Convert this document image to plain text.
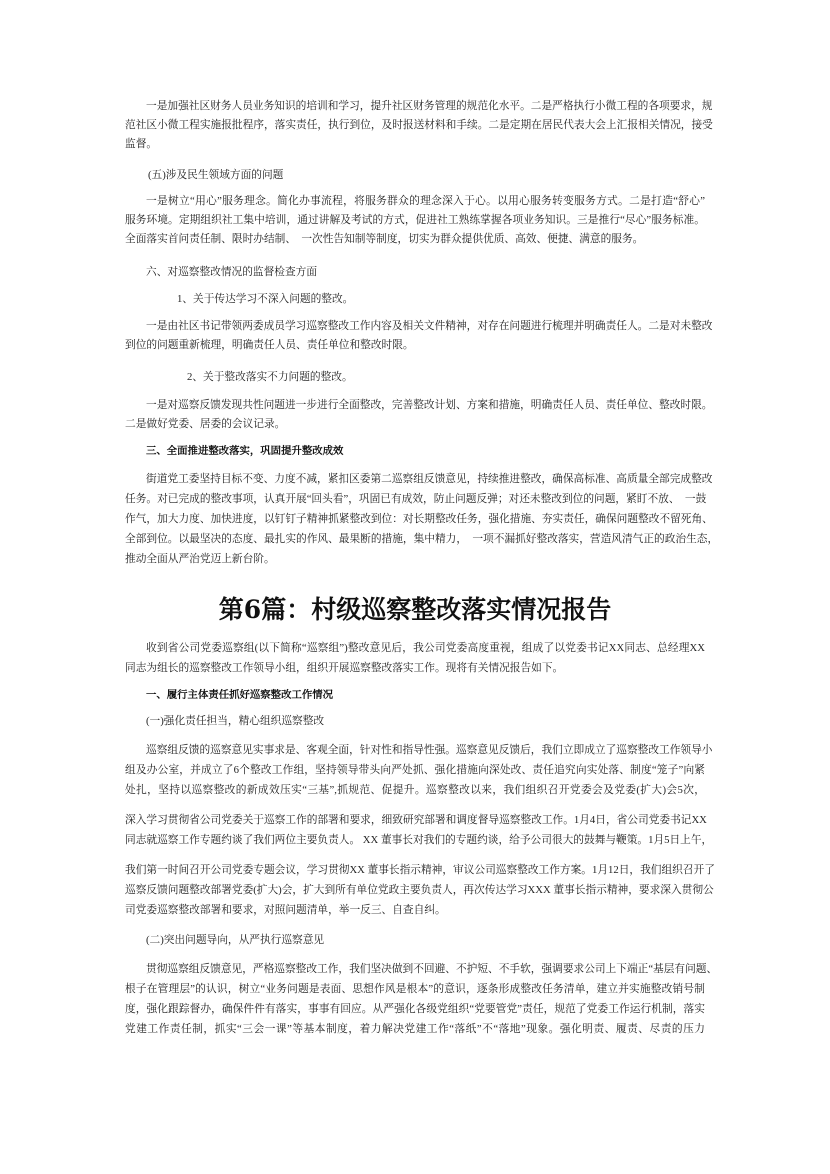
一是加强社区财务人员业务知识的培训和学习，提升社区财务管理的规范化水平。二是严格执行小微工程的各项要求，规
范社区小微工程实施报批程序，落实责任，执行到位，及时报送材料和手续。二是定期在居民代表大会上汇报相关情况，接受
监督。
(五)涉及民生领域方面的问题
一是树立“用心”服务理念。简化办事流程，将服务群众的理念深入于心。以用心服务转变服务方式。二是打造“舒心”
服务环境。定期组织社工集中培训，通过讲解及考试的方式，促进社工熟练掌握各项业务知识。三是推行“尽心”服务标准。
全面落实首问责任制、限时办结制、  一次性告知制等制度，切实为群众提供优质、高效、便捷、满意的服务。
六、对巡察整改情况的监督检查方面
1、关于传达学习不深入问题的整改。
一是由社区书记带领两委成员学习巡察整改工作内容及相关文件精神，对存在问题进行梳理并明确责任人。二是对未整改
到位的问题重新梳理，明确责任人员、责任单位和整改时限。
2、关于整改落实不力问题的整改。
一是对巡察反馈发现共性问题进一步进行全面整改，完善整改计划、方案和措施，明确责任人员、责任单位、整改时限。
二是做好党委、居委的会议记录。
三、全面推进整改落实，巩固提升整改成效
街道党工委坚持目标不变、力度不减，紧扣区委第二巡察组反馈意见，持续推进整改，确保高标准、高质量全部完成整改
任务。对已完成的整改事项，认真开展“回头看”，巩固已有成效，防止问题反弹；对还未整改到位的问题，紧盯不放、  一鼓
作气，加大力度、加快进度，以钉钉子精神抓紧整改到位：对长期整改任务，强化措施、夯实责任，确保问题整改不留死角、
全部到位。以最坚决的态度、最扎实的作风、最果断的措施，集中精力，  一项不漏抓好整改落实，营造风清气正的政治生态，
推动全面从严治党迈上新台阶。
第6篇：村级巡察整改落实情况报告
收到省公司党委巡察组(以下简称“巡察组”)整改意见后，我公司党委高度重视，组成了以党委书记XX同志、总经理XX
同志为组长的巡察整改工作领导小组，组织开展巡察整改落实工作。现将有关情况报告如下。
一、履行主体责任抓好巡察整改工作情况
(一)强化责任担当，精心组织巡察整改
巡察组反馈的巡察意见实事求是、客观全面，针对性和指导性强。巡察意见反馈后，我们立即成立了巡察整改工作领导小
组及办公室，并成立了6个整改工作组，坚持领导带头向严处抓、强化措施向深处改、责任追究向实处落、制度“笼子”向紧
处扎，坚持以巡察整改的新成效压实“三基”,抓规范、促提升。巡察整改以来，我们组织召开党委会及党委(扩大)会5次，
深入学习贯彻省公司党委关于巡察工作的部署和要求，细致研究部署和调度督导巡察整改工作。1月4日，省公司党委书记XX
同志就巡察工作专题约谈了我们两位主要负责人。 XX 董事长对我们的专题约谈，给予公司很大的鼓舞与鞭策。1月5日上午，
我们第一时间召开公司党委专题会议，学习贯彻XX 董事长指示精神，审议公司巡察整改工作方案。1月12日，我们组织召开了
巡察反馈问题整改部署党委(扩大)会，扩大到所有单位党政主要负责人，再次传达学习XXX 董事长指示精神，要求深入贯彻公
司党委巡察整改部署和要求，对照问题清单，举一反三、自查自纠。
(二)突出问题导向，从严执行巡察意见
贯彻巡察组反馈意见，严格巡察整改工作，我们坚决做到不回避、不护短、不手软，强调要求公司上下端正“基层有问题、
根子在管理层”的认识，树立“业务问题是表面、思想作风是根本”的意识，逐条形成整改任务清单，建立并实施整改销号制
度，强化跟踪督办，确保件件有落实，事事有回应。从严强化各级党组织“党要管党”责任，规范了党委工作运行机制，落实
党建工作责任制，抓实“三会一课”等基本制度，着力解决党建工作“落纸”不“落地”现象。强化明责、履责、尽责的压力
